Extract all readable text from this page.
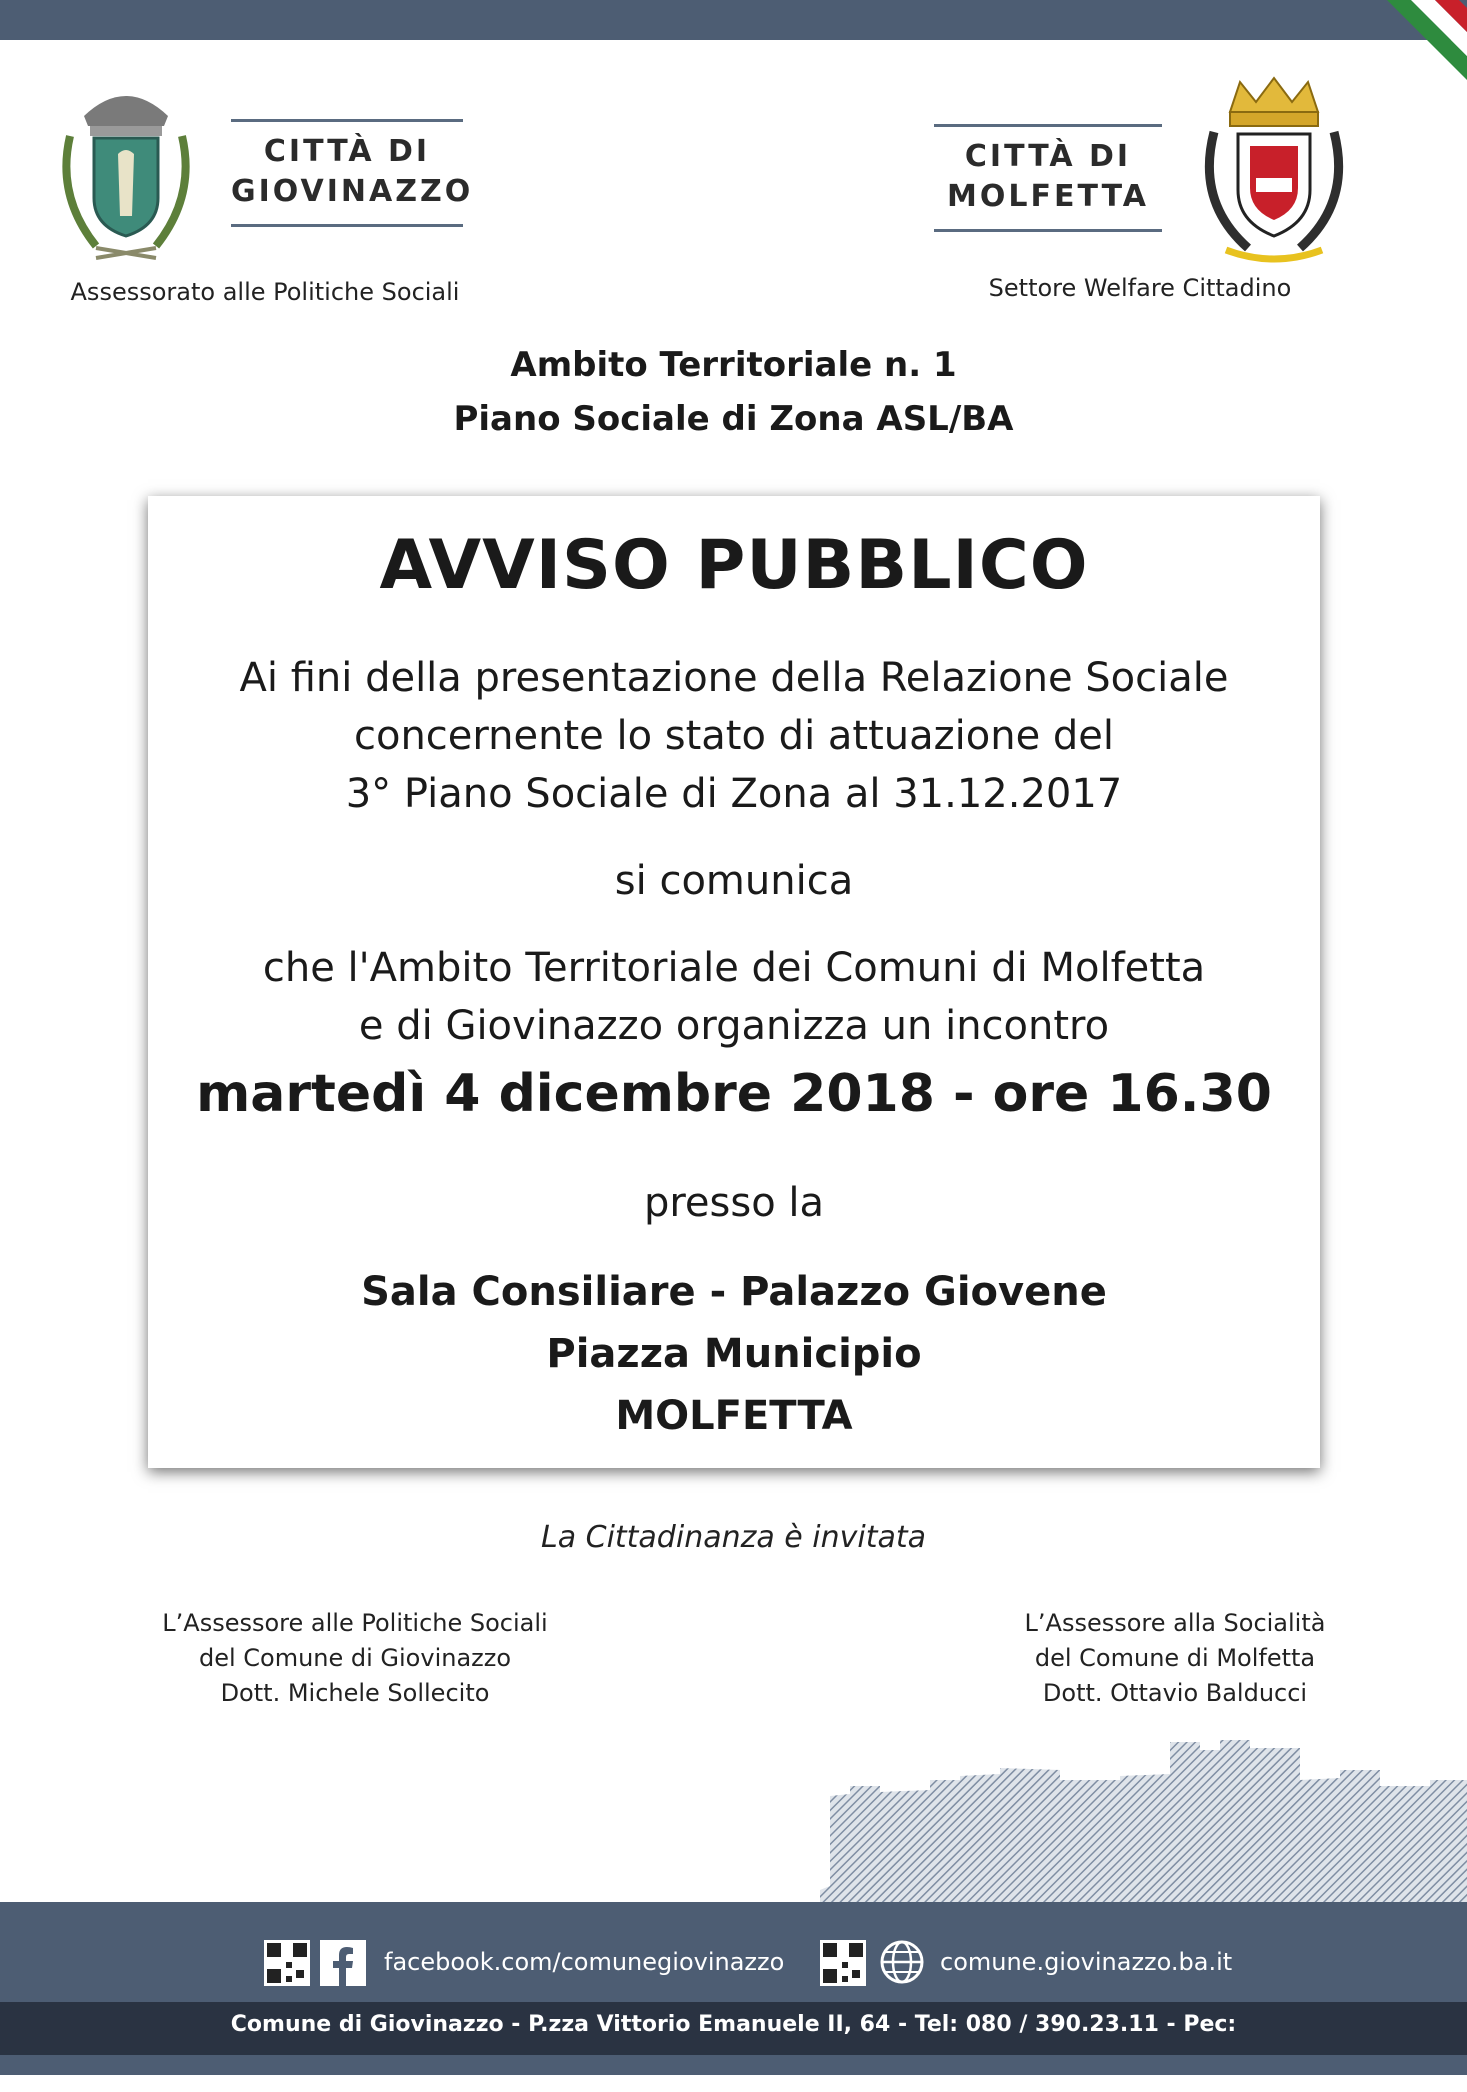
CITTÀ DI
GIOVINAZZO
Assessorato alle Politiche Sociali
CITTÀ DI
MOLFETTA
Settore Welfare Cittadino
Ambito Territoriale n. 1
Piano Sociale di Zona ASL/BA
AVVISO PUBBLICO
Ai fini della presentazione della Relazione Sociale
concernente lo stato di attuazione del
3° Piano Sociale di Zona al 31.12.2017
si comunica
che l'Ambito Territoriale dei Comuni di Molfetta
e di Giovinazzo organizza un incontro
martedì 4 dicembre 2018 - ore 16.30
presso la
Sala Consiliare - Palazzo Giovene
Piazza Municipio
MOLFETTA
La Cittadinanza è invitata
L’Assessore alle Politiche Sociali
del Comune di Giovinazzo
Dott. Michele Sollecito
L’Assessore alla Socialità
del Comune di Molfetta
Dott. Ottavio Balducci
facebook.com/comunegiovinazzo	comune.giovinazzo.ba.it
Comune di Giovinazzo - P.zza Vittorio Emanuele II, 64 - Tel: 080 / 390.23.11 - Pec:
